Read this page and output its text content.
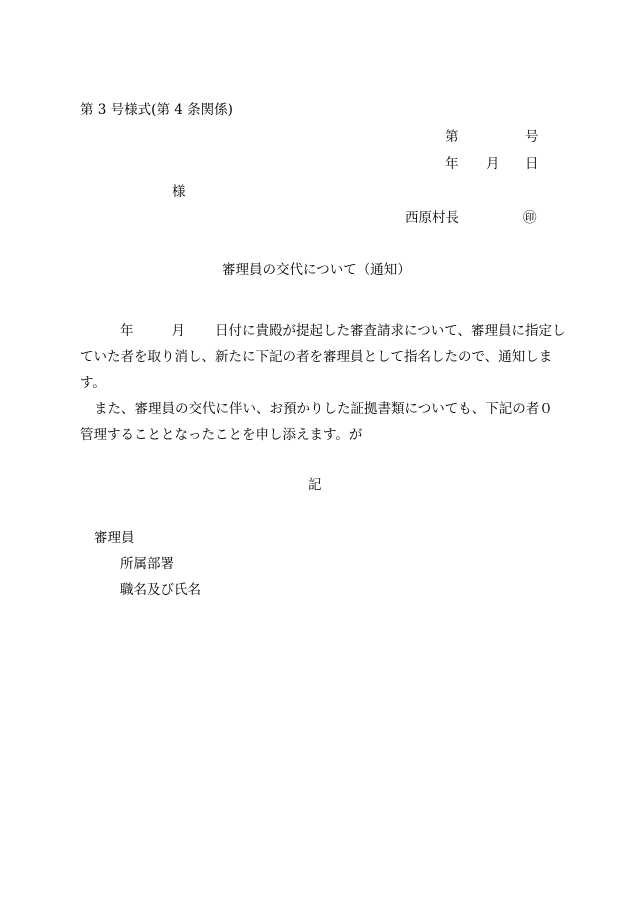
第 3 号様式(第 4 条関係)
第	号
年 月 日
様
西原村長	㊞
審理員の交代について（通知）
年	月 日付に貴殿が提起した審査請求について、審理員に指定し
ていた者を取り消し、新たに下記の者を審理員として指名したので、通知しま
す。
また、審理員の交代に伴い、お預かりした証拠書類についても、下記の者０
管理することとなったことを申し添えます。が
記
審理員
所属部署
職名及び氏名
